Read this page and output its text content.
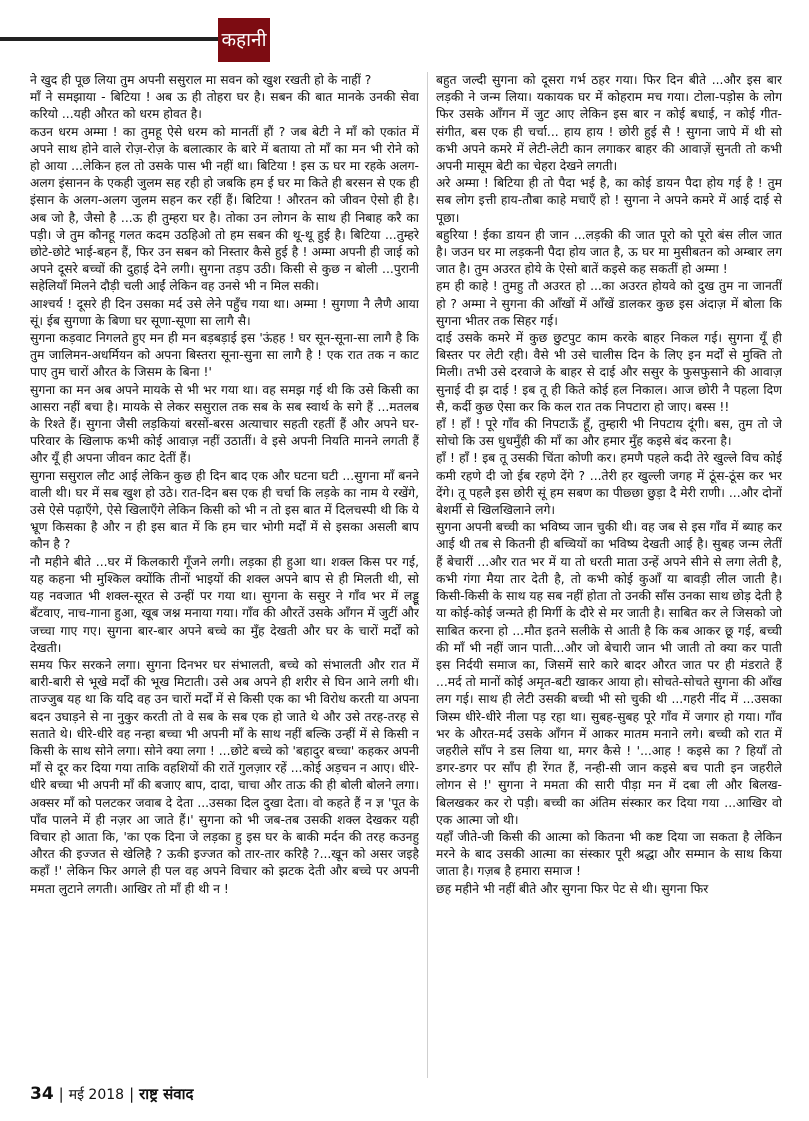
कहानी

ने खुद ही पूछ लिया तुम अपनी ससुराल मा सवन को खुश रखती हो के नाहीं ?

माँ ने समझाया - बिटिया ! अब ऊ ही तोहरा घर है। सबन की बात मानके उनकी सेवा करियो ...यही औरत को धरम होवत है।

कउन धरम अम्मा ! का तुमहू ऐसे धरम को मानतीं हौं ? जब बेटी ने माँ को एकांत में अपने साथ होने वाले रोज़-रोज़ के बलात्कार के बारे में बताया तो माँ का मन भी रोने को हो आया ...लेकिन हल तो उसके पास भी नहीं था। बिटिया ! इस ऊ घर मा रहके अलग-अलग इंसानन के एकही जुलम सह रही हो जबकि हम ई घर मा किते ही बरसन से एक ही इंसान के अलग-अलग जुलम सहन कर रहीं हैं। बिटिया ! औरतन को जीवन ऐसो ही है। अब जो है, जैसो है ...ऊ ही तुम्हरा घर है। तोका उन लोगन के साथ ही निबाह करै का पड़ी। जे तुम कौनहू गलत कदम उठहिओ तो हम सबन की थू-थू हुई है। बिटिया ...तुम्हरे छोटे-छोटे भाई-बहन हैं, फिर उन सबन को निस्तार कैसे हुई है ! अम्मा अपनी ही जाई को अपने दूसरे बच्चों की दुहाई देने लगी। सुगना तड़प उठी। किसी से कुछ न बोली ...पुरानी सहेलियाँ मिलने दौड़ी चली आईं लेकिन वह उनसे भी न मिल सकी।

आश्चर्य ! दूसरे ही दिन उसका मर्द उसे लेने पहुँच गया था। अम्मा ! सुगणा नै लैणै आया सूं। ईब सुगणा के बिणा घर सूणा-सूणा सा लागै सै।

सुगना कड़वाट निगलते हुए मन ही मन बड़बड़ाई इस 'ऊंहह ! घर सून-सूना-सा लागै है कि तुम जालिमन-अधर्मियन को अपना बिस्तरा सूना-सुना सा लागै है ! एक रात तक न काट पाए तुम चारों औरत के जिसम के बिना !'

सुगना का मन अब अपने मायके से भी भर गया था। वह समझ गई थी कि उसे किसी का आसरा नहीं बचा है। मायके से लेकर ससुराल तक सब के सब स्वार्थ के सगे हैं ...मतलब के रिश्ते हैं। सुगना जैसी लड़कियां बरसों-बरस अत्याचार सहती रहतीं हैं और अपने घर-परिवार के खिलाफ कभी कोई आवाज़ नहीं उठातीं। वे इसे अपनी नियति मानने लगती हैं और यूँ ही अपना जीवन काट देतीं हैं।

सुगना ससुराल लौट आई लेकिन कुछ ही दिन बाद एक और घटना घटी ...सुगना माँ बनने वाली थी। घर में सब खुश हो उठे। रात-दिन बस एक ही चर्चा कि लड़के का नाम ये रखेंगे, उसे ऐसे पढ़ाएँगे, ऐसे खिलाएँगे लेकिन किसी को भी न तो इस बात में दिलचस्पी थी कि ये भ्रूण किसका है और न ही इस बात में कि हम चार भोगी मर्दों में से इसका असली बाप कौन है ?

नौ महीने बीते ...घर में किलकारी गूँजने लगी। लड़का ही हुआ था। शक्ल किस पर गई, यह कहना भी मुश्किल क्योंकि तीनों भाइयों की शक्ल अपने बाप से ही मिलती थी, सो यह नवजात भी शक्ल-सूरत से उन्हीं पर गया था। सुगना के ससुर ने गाँव भर में लड्डू बँटवाए, नाच-गाना हुआ, खूब जश्न मनाया गया। गाँव की औरतें उसके आँगन में जुटीं और जच्चा गाए गए। सुगना बार-बार अपने बच्चे का मुँह देखती और घर के चारों मर्दों को देखती।

समय फिर सरकने लगा। सुगना दिनभर घर संभालती, बच्चे को संभालती और रात में बारी-बारी से भूखे मर्दों की भूख मिटाती। उसे अब अपने ही शरीर से घिन आने लगी थी। ताज्जुब यह था कि यदि वह उन चारों मर्दों में से किसी एक का भी विरोध करती या अपना बदन उघाड़ने से ना नुकुर करती तो वे सब के सब एक हो जाते थे और उसे तरह-तरह से सताते थे। धीरे-धीरे वह नन्हा बच्चा भी अपनी माँ के साथ नहीं बल्कि उन्हीं में से किसी न किसी के साथ सोने लगा। सोने क्या लगा ! ...छोटे बच्चे को 'बहादुर बच्चा' कहकर अपनी माँ से दूर कर दिया गया ताकि वहशियों की रातें गुलज़ार रहें ...कोई अड़चन न आए। धीरे-धीरे बच्चा भी अपनी माँ की बजाए बाप, दादा, चाचा और ताऊ की ही बोली बोलने लगा। अक्सर माँ को पलटकर जवाब दे देता ...उसका दिल दुखा देता। वो कहते हैं न ज्ञ 'पूत के पाँव पालने में ही नज़र आ जाते हैं।' सुगना को भी जब-तब उसकी शक्ल देखकर यही विचार हो आता कि, 'का एक दिना जे लड़का हु इस घर के बाकी मर्दन की तरह कउनहु औरत की इज्जत से खेलिहै ? ऊकी इज्जत को तार-तार करिहै ?...खून को असर जइहै कहाँ !' लेकिन फिर अगले ही पल वह अपने विचार को झटक देती और बच्चे पर अपनी ममता लुटाने लगती। आखिर तो माँ ही थी न !

बहुत जल्दी सुगना को दूसरा गर्भ ठहर गया। फिर दिन बीते ...और इस बार लड़की ने जन्म लिया। यकायक घर में कोहराम मच गया। टोला-पड़ोस के लोग फिर उसके आँगन में जुट आए लेकिन इस बार न कोई बधाई, न कोई गीत-संगीत, बस एक ही चर्चा... हाय हाय ! छोरी हुई सै ! सुगना जापे में थी सो कभी अपने कमरे में लेटी-लेटी कान लगाकर बाहर की आवाज़ें सुनती तो कभी अपनी मासूम बेटी का चेहरा देखने लगती।

अरे अम्मा ! बिटिया ही तो पैदा भई है, का कोई डायन पैदा होय गई है ! तुम सब लोग इत्ती हाय-तौबा काहे मचाएँ हो ! सुगना ने अपने कमरे में आई दाई से पूछा।

बहुरिया ! ईका डायन ही जान ...लड़की की जात पूरो को पूरो बंस लील जात है। जउन घर मा लड़कनी पैदा होय जात है, ऊ घर मा मुसीबतन को अम्बार लग जात है। तुम अउरत होये के ऐसो बातें कइसे कह सकतीं हो अम्मा !

हम ही काहे ! तुमहु तौ अउरत हो ...का अउरत होयवे को दुख तुम ना जानतीं हो ? अम्मा ने सुगना की आँखों में आँखें डालकर कुछ इस अंदाज़ में बोला कि सुगना भीतर तक सिहर गई।

दाई उसके कमरे में कुछ छुटपुट काम करके बाहर निकल गई। सुगना यूँ ही बिस्तर पर लेटी रही। वैसे भी उसे चालीस दिन के लिए इन मर्दों से मुक्ति तो मिली। तभी उसे दरवाजे के बाहर से दाई और ससुर के फुसफुसाने की आवाज़ सुनाई दी झ दाई ! इब तू ही किते कोई हल निकाल। आज छोरी नै पहला दिण सै, कर्दी कुछ ऐसा कर कि कल रात तक निपटारा हो जाए। बस्स !!

हाँ ! हाँ ! पूरे गाँव की निपटाऊँ हूँ, तुम्हारी भी निपटाय दूंगी। बस, तुम तो जे सोचो कि उस धुधमुँही की माँ का और हमार मुँह कइसे बंद करना है।

हाँ ! हाँ ! इब तू उसकी चिंता कोणी कर। हमणै पहले कदी तेरे खुल्ले विच कोई कमी रहणे दी जो ईब रहणे देंगे ? ...तेरी हर खुल्ली जगह में ठूंस-ठूंस कर भर देंगे। तू पहलै इस छोरी सूं हम सबण का पीछ्छा छुड़ा दै मेरी राणी। ...और दोनों बेशर्मी से खिलखिलाने लगे।

सुगना अपनी बच्ची का भविष्य जान चुकी थी। वह जब से इस गाँव में ब्याह कर आई थी तब से कितनी ही बच्चियों का भविष्य देखती आई है। सुबह जन्म लेतीं हैं बेचारीं ...और रात भर में या तो धरती माता उन्हें अपने सीने से लगा लेती है, कभी गंगा मैया तार देती है, तो कभी कोई कुआँ या बावड़ी लील जाती है। किसी-किसी के साथ यह सब नहीं होता तो उनकी साँस उनका साथ छोड़ देती है या कोई-कोई जन्मते ही मिर्गी के दौरे से मर जाती है। साबित कर ले जिसको जो साबित करना हो ...मौत इतने सलीके से आती है कि कब आकर छू गई, बच्ची की माँ भी नहीं जान पाती...और जो बेचारी जान भी जाती तो क्या कर पाती इस निर्दयी समाज का, जिसमें सारे कारे बादर औरत जात पर ही मंडराते हैं ...मर्द तो मानों कोई अमृत-बटी खाकर आया हो। सोचते-सोचते सुगना की आँख लग गई। साथ ही लेटी उसकी बच्ची भी सो चुकी थी ...गहरी नींद में ...उसका जिस्म धीरे-धीरे नीला पड़ रहा था। सुबह-सुबह पूरे गाँव में जगार हो गया। गाँव भर के औरत-मर्द उसके आँगन में आकर मातम मनाने लगे। बच्ची को रात में जहरीले साँप ने डस लिया था, मगर कैसे ! '...आह ! कइसे का ? हियाँ तो डगर-डगर पर साँप ही रेंगत हैं, नन्ही-सी जान कइसे बच पाती इन जहरीले लोगन से !' सुगना ने ममता की सारी पीड़ा मन में दबा ली और बिलख-बिलखकर कर रो पड़ी। बच्ची का अंतिम संस्कार कर दिया गया ...आखिर वो एक आत्मा जो थी।

यहाँ जीते-जी किसी की आत्मा को कितना भी कष्ट दिया जा सकता है लेकिन मरने के बाद उसकी आत्मा का संस्कार पूरी श्रद्धा और सम्मान के साथ किया जाता है। गज़ब है हमारा समाज !

छह महीने भी नहीं बीते और सुगना फिर पेट से थी। सुगना फिर

34 | मई 2018 | राष्ट्र संवाद
